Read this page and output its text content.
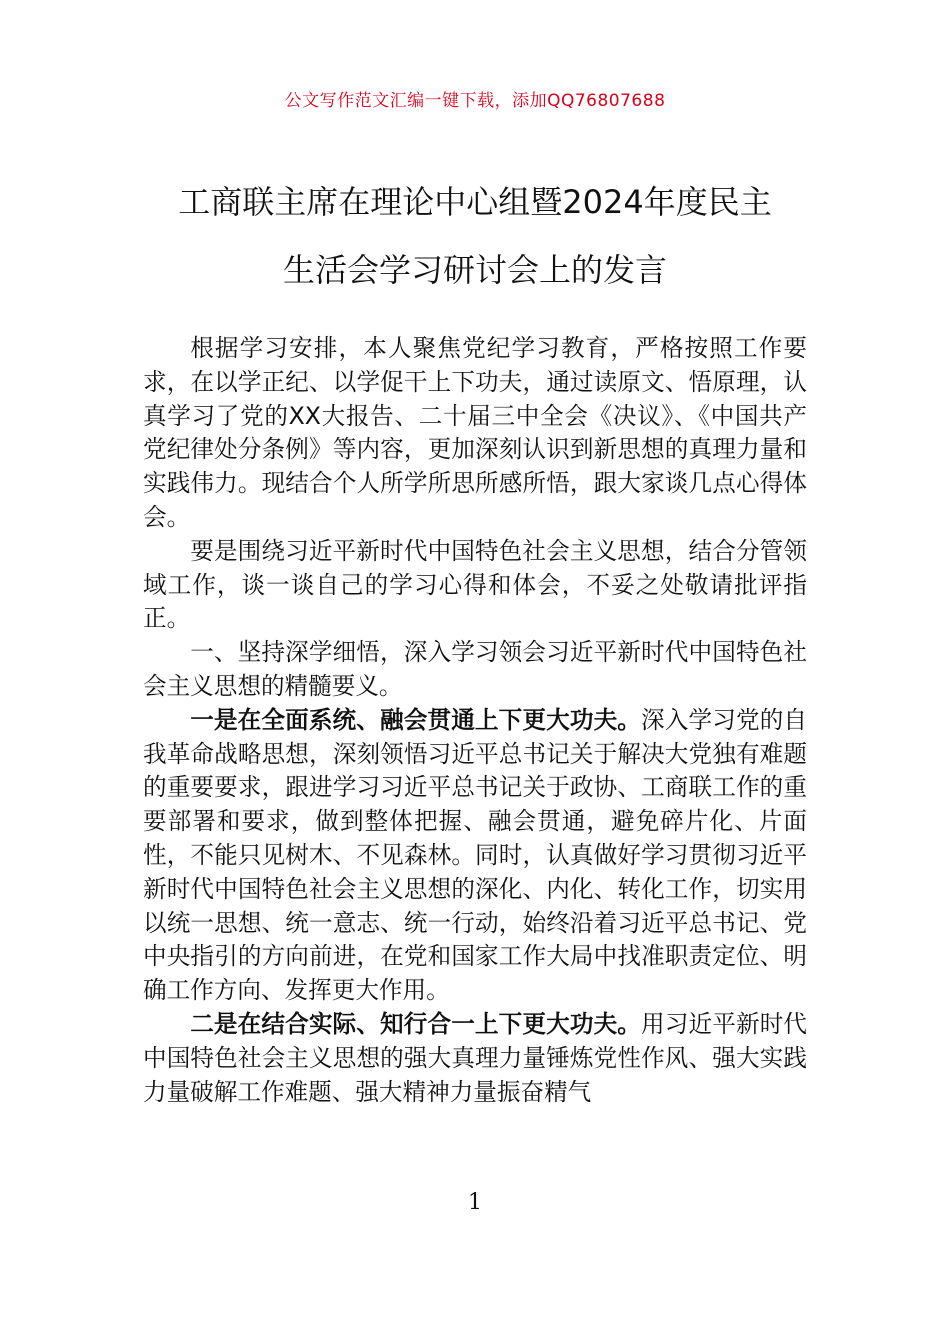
公文写作范文汇编一键下载，添加QQ76807688
工商联主席在理论中心组暨2024年度民主
生活会学习研讨会上的发言

根据学习安排，本人聚焦党纪学习教育，严格按照工作要求，在以学正纪、以学促干上下功夫，通过读原文、悟原理，认真学习了党的XX大报告、二十届三中全会《决议》、《中国共产党纪律处分条例》等内容，更加深刻认识到新思想的真理力量和实践伟力。现结合个人所学所思所感所悟，跟大家谈几点心得体会。

要是围绕习近平新时代中国特色社会主义思想，结合分管领域工作，谈一谈自己的学习心得和体会，不妥之处敬请批评指正。

一、坚持深学细悟，深入学习领会习近平新时代中国特色社会主义思想的精髓要义。

一是在全面系统、融会贯通上下更大功夫。深入学习党的自我革命战略思想，深刻领悟习近平总书记关于解决大党独有难题的重要要求，跟进学习习近平总书记关于政协、工商联工作的重要部署和要求，做到整体把握、融会贯通，避免碎片化、片面性，不能只见树木、不见森林。同时，认真做好学习贯彻习近平新时代中国特色社会主义思想的深化、内化、转化工作，切实用以统一思想、统一意志、统一行动，始终沿着习近平总书记、党中央指引的方向前进，在党和国家工作大局中找准职责定位、明确工作方向、发挥更大作用。

二是在结合实际、知行合一上下更大功夫。用习近平新时代中国特色社会主义思想的强大真理力量锤炼党性作风、强大实践力量破解工作难题、强大精神力量振奋精气

1
